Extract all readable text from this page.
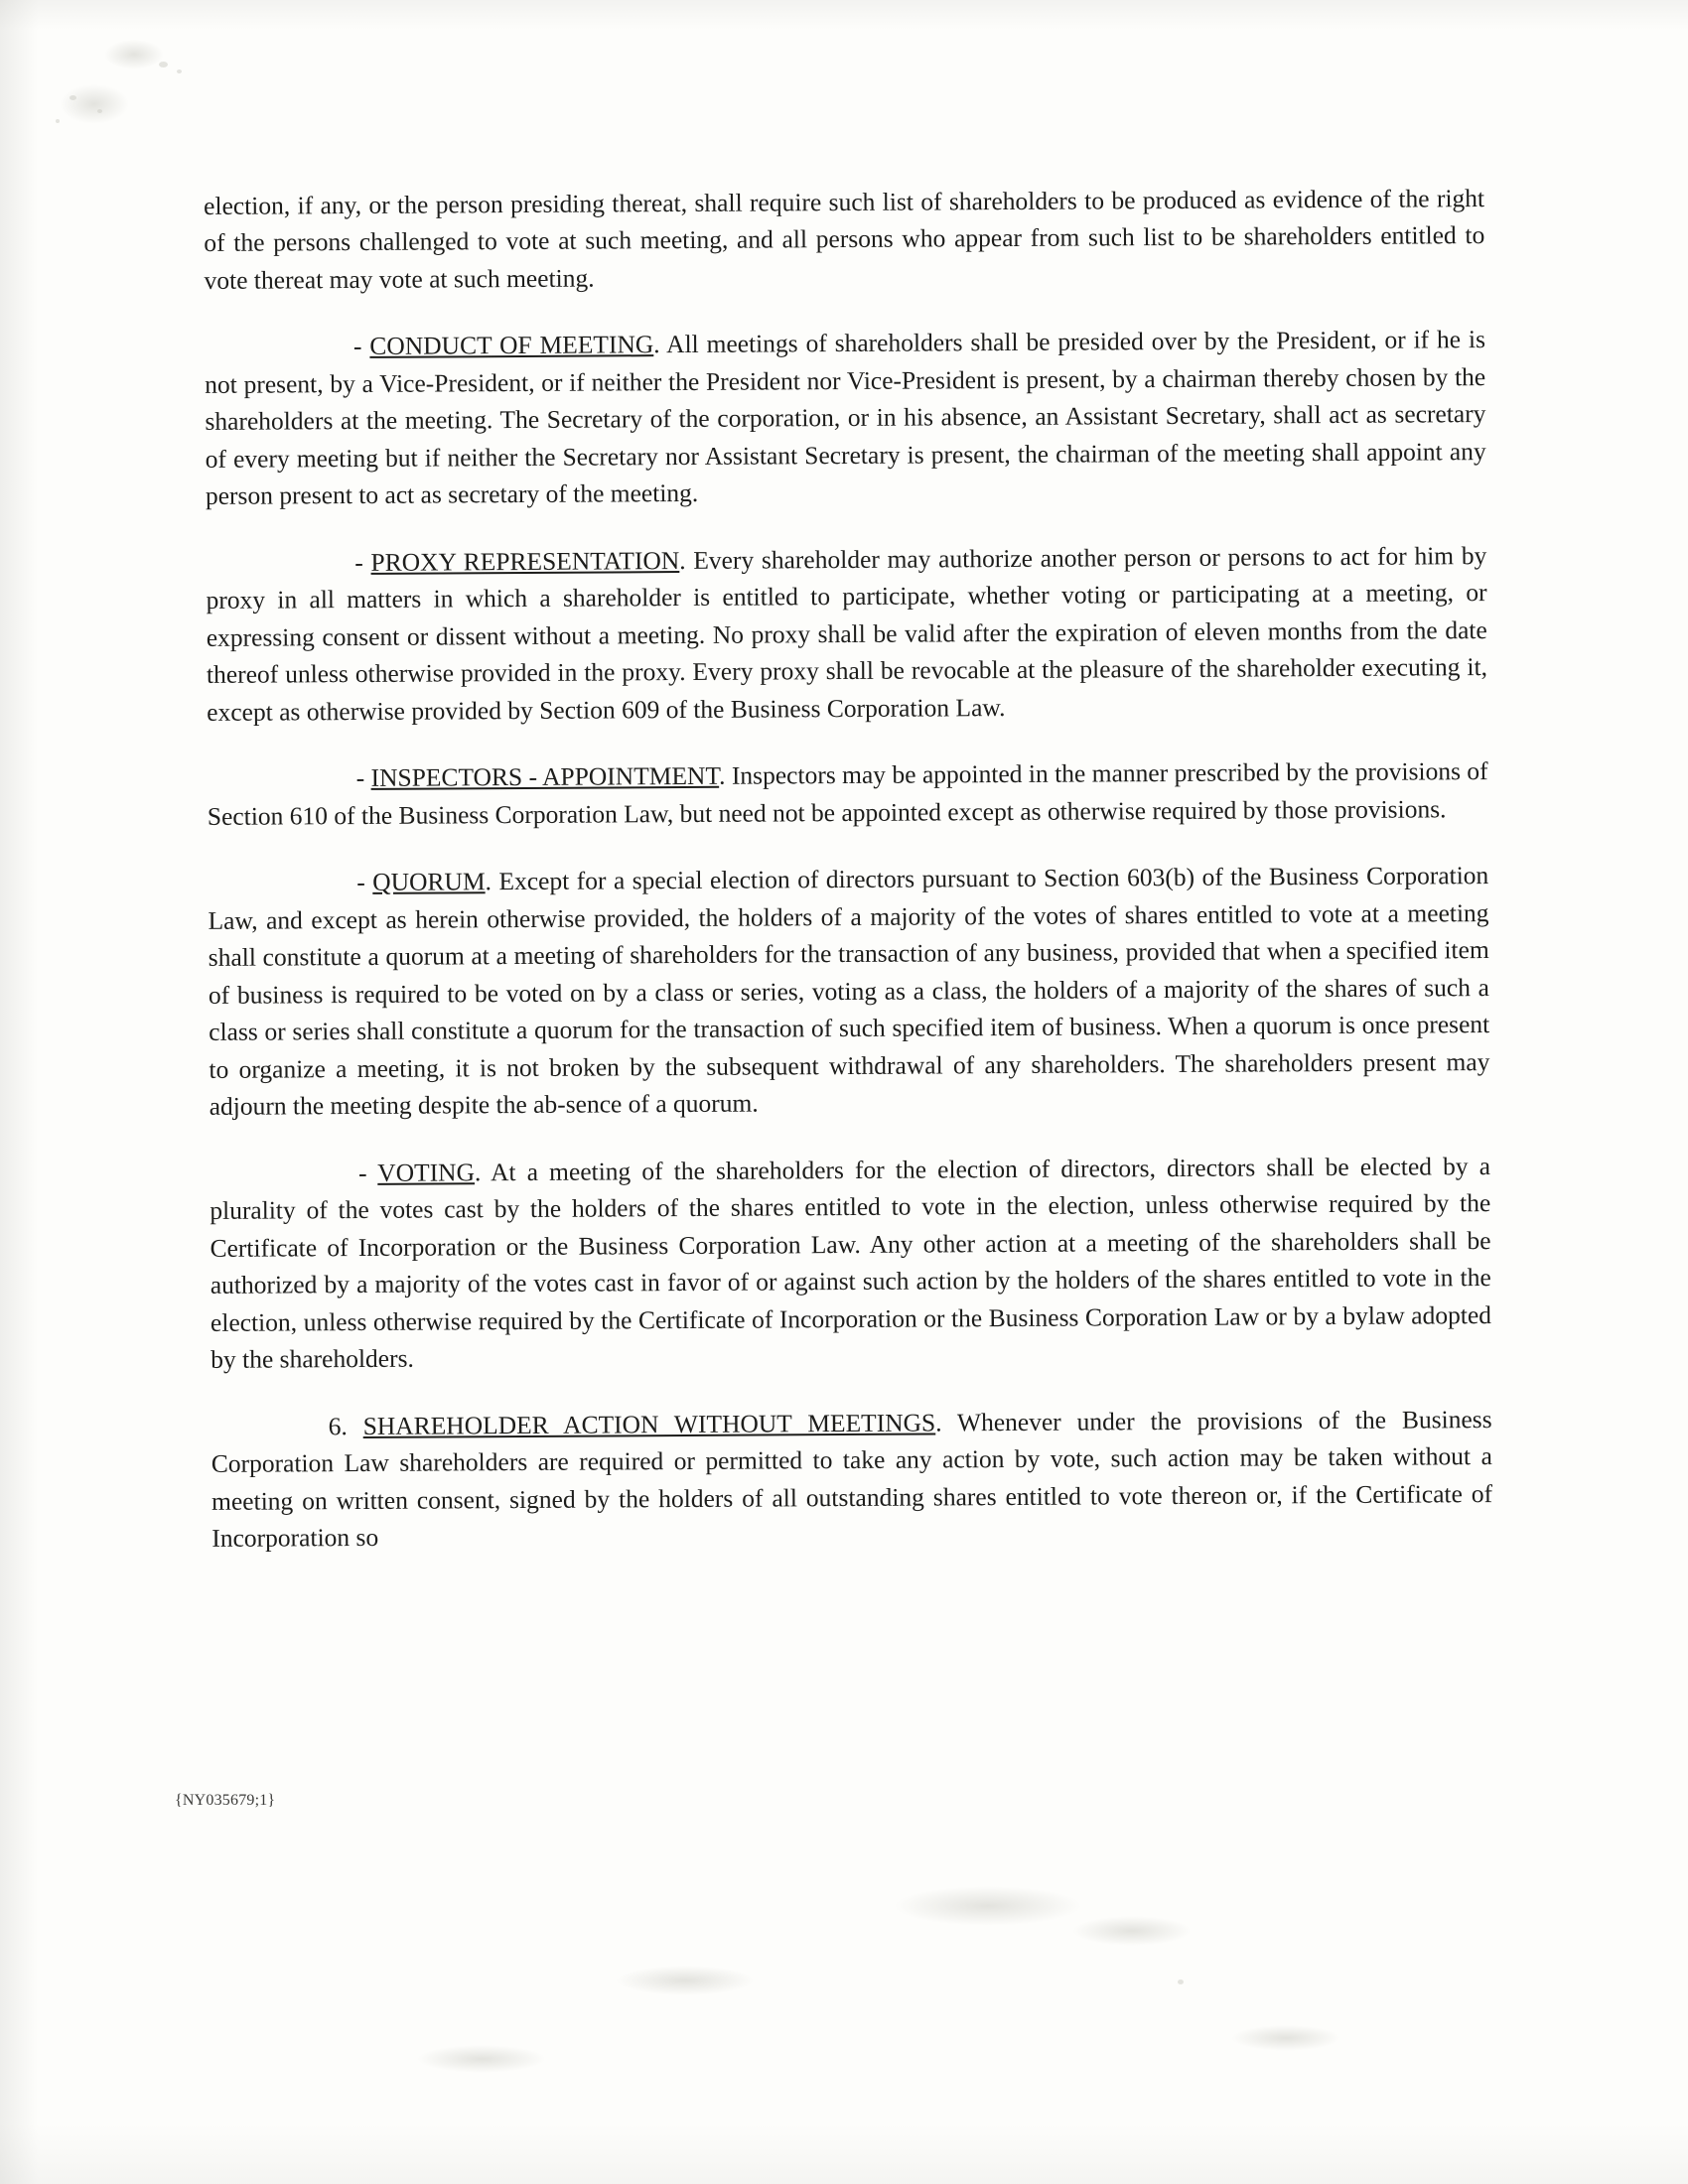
election, if any, or the person presiding thereat, shall require such list of shareholders to be produced as evidence of the right of the persons challenged to vote at such meeting, and all persons who appear from such list to be shareholders entitled to vote thereat may vote at such meeting.

- CONDUCT OF MEETING. All meetings of shareholders shall be presided over by the President, or if he is not present, by a Vice-President, or if neither the President nor Vice-President is present, by a chairman thereby chosen by the shareholders at the meeting. The Secretary of the corporation, or in his absence, an Assistant Secretary, shall act as secretary of every meeting but if neither the Secretary nor Assistant Secretary is present, the chairman of the meeting shall appoint any person present to act as secretary of the meeting.

- PROXY REPRESENTATION. Every shareholder may authorize another person or persons to act for him by proxy in all matters in which a shareholder is entitled to participate, whether voting or participating at a meeting, or expressing consent or dissent without a meeting. No proxy shall be valid after the expiration of eleven months from the date thereof unless otherwise provided in the proxy. Every proxy shall be revocable at the pleasure of the shareholder executing it, except as otherwise provided by Section 609 of the Business Corporation Law.

- INSPECTORS - APPOINTMENT. Inspectors may be appointed in the manner prescribed by the provisions of Section 610 of the Business Corporation Law, but need not be appointed except as otherwise required by those provisions.

- QUORUM. Except for a special election of directors pursuant to Section 603(b) of the Business Corporation Law, and except as herein otherwise provided, the holders of a majority of the votes of shares entitled to vote at a meeting shall constitute a quorum at a meeting of shareholders for the transaction of any business, provided that when a specified item of business is required to be voted on by a class or series, voting as a class, the holders of a majority of the shares of such a class or series shall constitute a quorum for the transaction of such specified item of business. When a quorum is once present to organize a meeting, it is not broken by the subsequent withdrawal of any shareholders. The shareholders present may adjourn the meeting despite the ab-sence of a quorum.

- VOTING. At a meeting of the shareholders for the election of directors, directors shall be elected by a plurality of the votes cast by the holders of the shares entitled to vote in the election, unless otherwise required by the Certificate of Incorporation or the Business Corporation Law. Any other action at a meeting of the shareholders shall be authorized by a majority of the votes cast in favor of or against such action by the holders of the shares entitled to vote in the election, unless otherwise required by the Certificate of Incorporation or the Business Corporation Law or by a bylaw adopted by the shareholders.

6. SHAREHOLDER ACTION WITHOUT MEETINGS. Whenever under the provisions of the Business Corporation Law shareholders are required or permitted to take any action by vote, such action may be taken without a meeting on written consent, signed by the holders of all outstanding shares entitled to vote thereon or, if the Certificate of Incorporation so

{NY035679;1}
